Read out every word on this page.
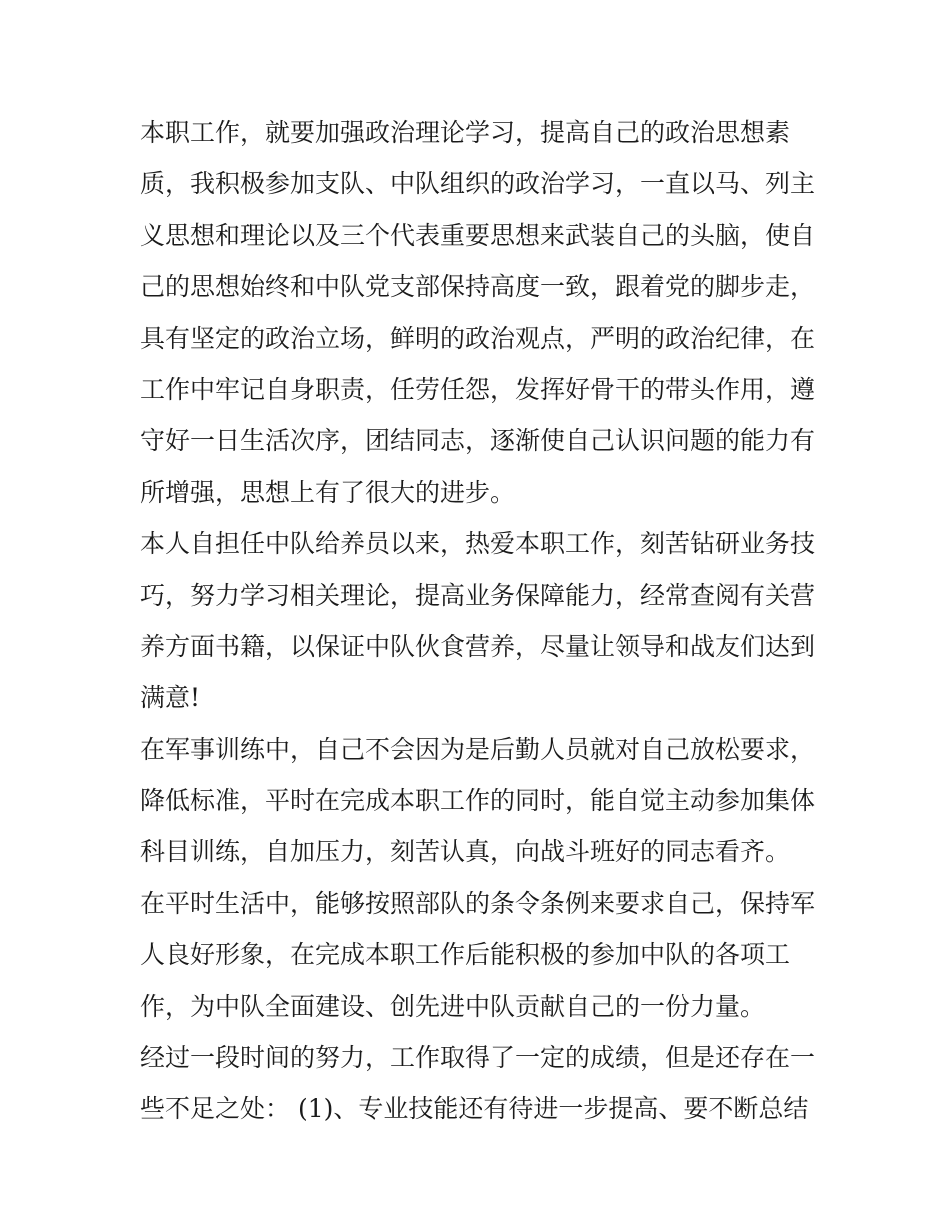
本职工作，就要加强政治理论学习，提高自己的政治思想素
质，我积极参加支队、中队组织的政治学习，一直以马、列主
义思想和理论以及三个代表重要思想来武装自己的头脑，使自
己的思想始终和中队党支部保持高度一致，跟着党的脚步走，
具有坚定的政治立场，鲜明的政治观点，严明的政治纪律，在
工作中牢记自身职责，任劳任怨，发挥好骨干的带头作用，遵
守好一日生活次序，团结同志，逐渐使自己认识问题的能力有
所增强，思想上有了很大的进步。
本人自担任中队给养员以来，热爱本职工作，刻苦钻研业务技
巧，努力学习相关理论，提高业务保障能力，经常查阅有关营
养方面书籍，以保证中队伙食营养，尽量让领导和战友们达到
满意!
在军事训练中，自己不会因为是后勤人员就对自己放松要求，
降低标准，平时在完成本职工作的同时，能自觉主动参加集体
科目训练，自加压力，刻苦认真，向战斗班好的同志看齐。
在平时生活中，能够按照部队的条令条例来要求自己，保持军
人良好形象，在完成本职工作后能积极的参加中队的各项工
作，为中队全面建设、创先进中队贡献自己的一份力量。
经过一段时间的努力，工作取得了一定的成绩，但是还存在一
些不足之处： (1)、专业技能还有待进一步提高、要不断总结
